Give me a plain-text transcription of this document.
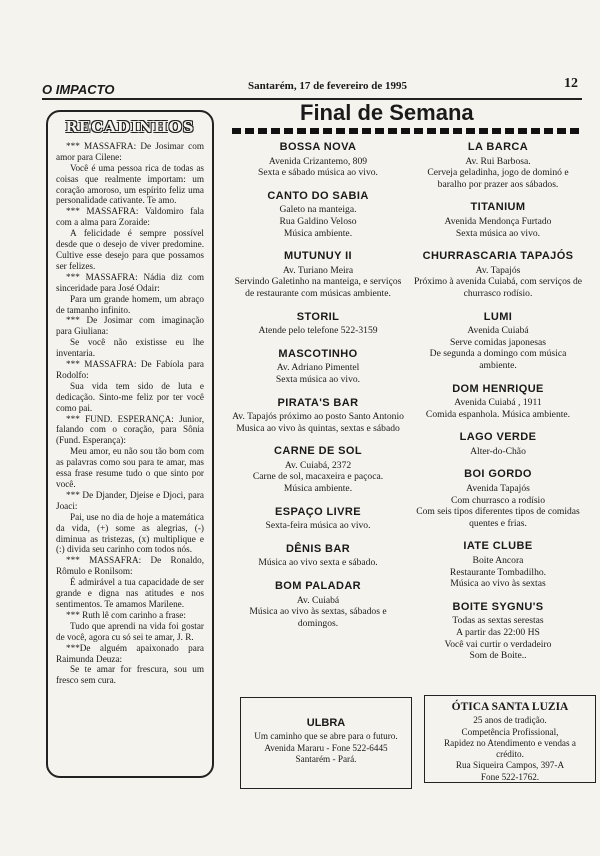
O IMPACTO	Santarém, 17 de fevereiro de 1995	12
RECADINHOS

*** MASSAFRA: De Josimar com amor para Cilene:

Você é uma pessoa rica de todas as coisas que realmente importam: um coração amoroso, um espírito feliz uma personalidade cativante. Te amo.

*** MASSAFRA: Valdomiro fala com a alma para Zoraide:

A felicidade é sempre possível desde que o desejo de viver predomine. Cultive esse desejo para que possamos ser felizes.

*** MASSAFRA: Nádia diz com sinceridade para José Odair:

Para um grande homem, um abraço de tamanho infinito.

*** De Josimar com imaginação para Giuliana:

Se você não existisse eu lhe inventaria.

*** MASSAFRA: De Fabíola para Rodolfo:

Sua vida tem sido de luta e dedicação. Sinto-me feliz por ter você como pai.

*** FUND. ESPERANÇA: Junior, falando com o coração, para Sônia (Fund. Esperança):

Meu amor, eu não sou tão bom com as palavras como sou para te amar, mas essa frase resume tudo o que sinto por você.

*** De Djander, Djeise e Djoci, para Joaci:

Pai, use no dia de hoje a matemática da vida, (+) some as alegrias, (-) diminua as tristezas, (x) multiplique e (:) divida seu carinho com todos nós.

*** MASSAFRA: De Ronaldo, Rômulo e Ronilsom:

É admirável a tua capacidade de ser grande e digna nas atitudes e nos sentimentos. Te amamos Marilene.

*** Ruth lê com carinho a frase:

Tudo que aprendi na vida foi gostar de você, agora cu só sei te amar, J. R.

***De alguém apaixonado para Raimunda Deuza:

Se te amar for frescura, sou um fresco sem cura.

Final de Semana
BOSSA NOVA
Avenida Crizantemo, 809
Sexta e sábado música ao vivo.
CANTO DO SABIA
Galeto na manteiga.
Rua Galdino Veloso
Música ambiente.
MUTUNUY II
Av. Turiano Meira
Servindo Galetinho na manteiga, e serviços de restaurante com músicas ambiente.
STORIL
Atende pelo telefone 522-3159
MASCOTINHO
Av. Adriano Pimentel
Sexta música ao vivo.
PIRATA'S BAR
Av. Tapajós próximo ao posto Santo Antonio
Musica ao vivo às quintas, sextas e sábado
CARNE DE SOL
Av. Cuiabá, 2372
Carne de sol, macaxeira e paçoca.
Música ambiente.
ESPAÇO LIVRE
Sexta-feira música ao vivo.
DÊNIS BAR
Música ao vivo sexta e sábado.
BOM PALADAR
Av. Cuiabá
Música ao vivo às sextas, sábados e domingos.
LA BARCA
Av. Rui Barbosa.
Cerveja geladinha, jogo de dominó e baralho por prazer aos sábados.
TITANIUM
Avenida Mendonça Furtado
Sexta música ao vivo.
CHURRASCARIA TAPAJÓS
Av. Tapajós
Próximo à avenida Cuiabá, com serviços de churrasco rodísio.
LUMI
Avenida Cuiabá
Serve comidas japonesas
De segunda a domingo com música ambiente.
DOM HENRIQUE
Avenida Cuiabá , 1911
Comida espanhola. Música ambiente.
LAGO VERDE
Alter-do-Chão
BOI GORDO
Avenida Tapajós
Com churrasco a rodísio
Com seis tipos diferentes tipos de comidas
quentes e frias.
IATE CLUBE
Boite Ancora
Restaurante Tombadilho.
Música ao vivo às sextas
BOITE SYGNU'S
Todas as sextas serestas
A partir das 22:00 HS
Você vai curtir o verdadeiro
Som de Boite..
ULBRA
Um caminho que se abre para o futuro.
Avenida Mararu - Fone 522-6445
Santarém - Pará.
ÓTICA SANTA LUZIA
25 anos de tradição.
Competência Profissional,
Rapidez no Atendimento e vendas a crédito.
Rua Siqueira Campos, 397-A
Fone 522-1762.
